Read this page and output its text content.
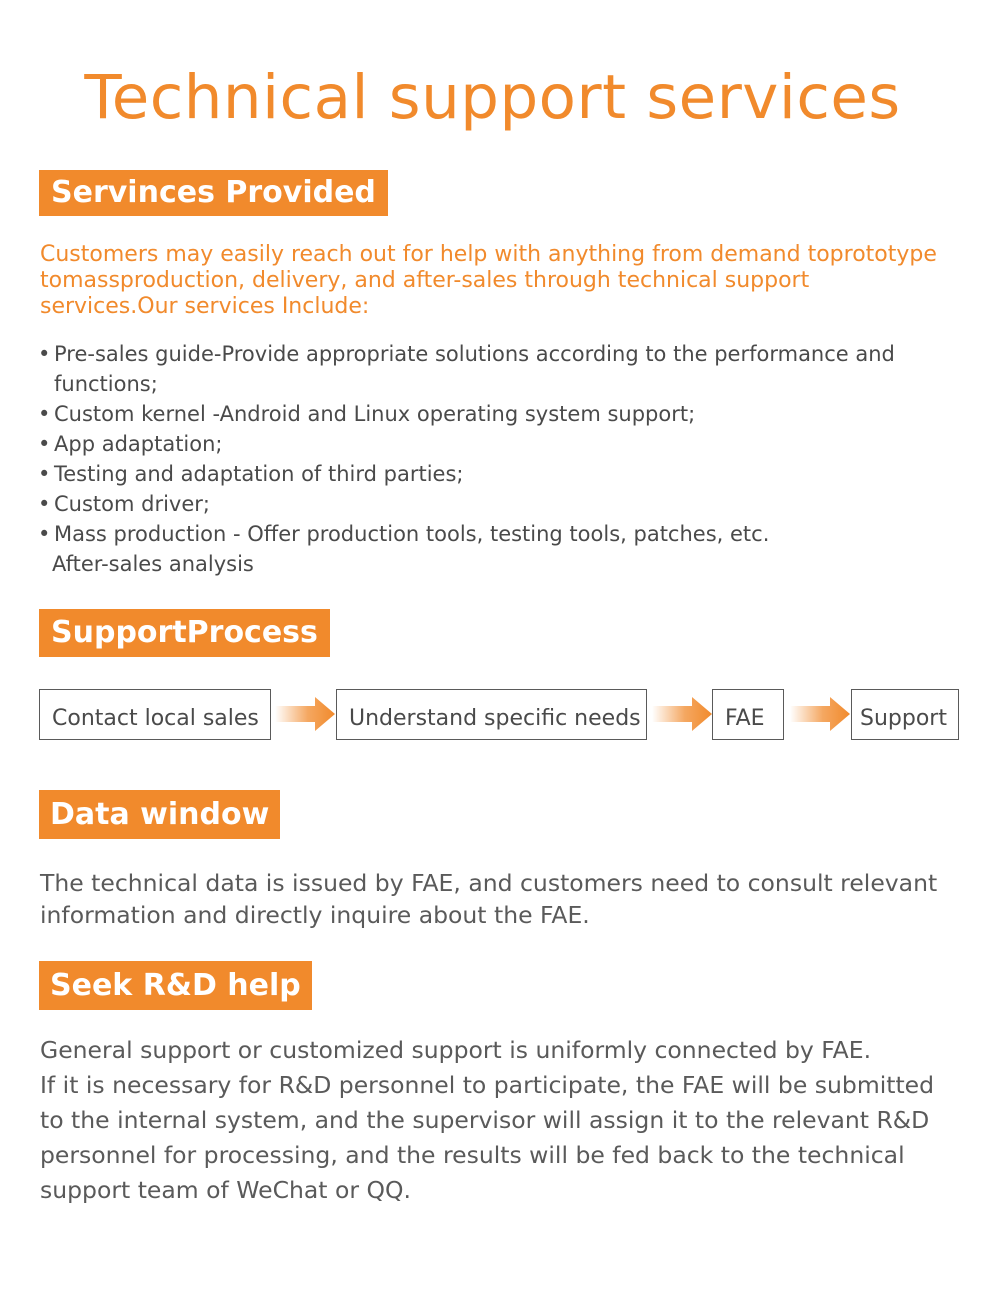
Technical support services
Servinces Provided

Customers may easily reach out for help with anything from demand toprototype tomassproduction, delivery, and after-sales through technical support services.Our services Include:

• Pre-sales guide-Provide appropriate solutions according to the performance and functions;
• Custom kernel -Android and Linux operating system support;
• App adaptation;
• Testing and adaptation of third parties;
• Custom driver;
• Mass production - Offer production tools, testing tools, patches, etc.
After-sales analysis
SupportProcess
Contact local sales	Understand specific needs	FAE	Support
Data window

The technical data is issued by FAE, and customers need to consult relevant information and directly inquire about the FAE.

Seek R&D help
General support or customized support is uniformly connected by FAE.
If it is necessary for R&D personnel to participate, the FAE will be submitted to the internal system, and the supervisor will assign it to the relevant R&D personnel for processing, and the results will be fed back to the technical support team of WeChat or QQ.
